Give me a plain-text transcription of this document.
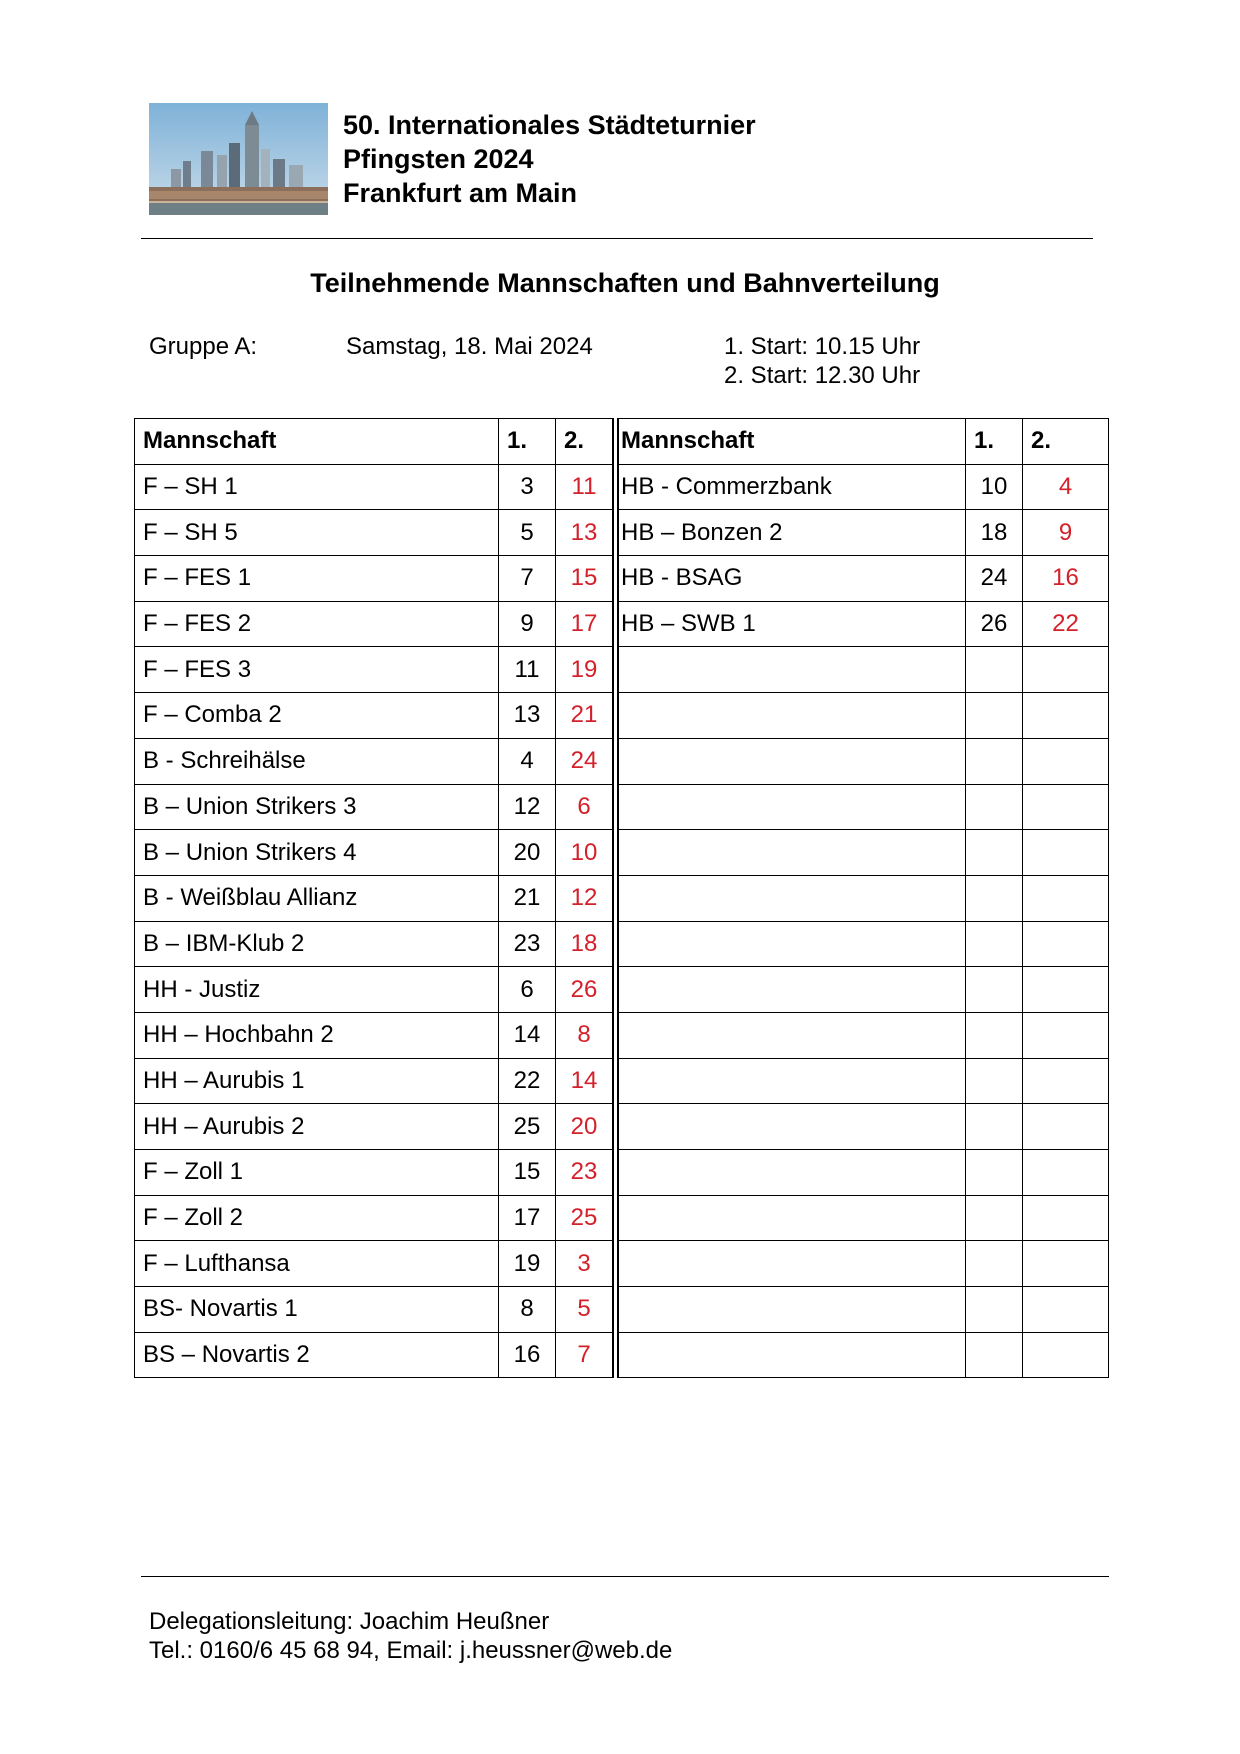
50. Internationales Städteturnier
Pfingsten 2024
Frankfurt am Main
Teilnehmende Mannschaften und Bahnverteilung
Gruppe A:	Samstag, 18. Mai 2024	1. Start: 10.15 Uhr
2. Start: 12.30 Uhr
Mannschaft	1.	2.	Mannschaft	1.	2.
F – SH 1	3	11	HB - Commerzbank	10	4
F – SH 5	5	13	HB – Bonzen 2	18	9
F – FES 1	7	15	HB - BSAG	24	16
F – FES 2	9	17	HB – SWB 1	26	22
F – FES 3	11	19			
F – Comba 2	13	21			
B - Schreihälse	4	24			
B – Union Strikers 3	12	6			
B – Union Strikers 4	20	10			
B - Weißblau Allianz	21	12			
B – IBM-Klub 2	23	18			
HH - Justiz	6	26			
HH – Hochbahn 2	14	8			
HH – Aurubis 1	22	14			
HH – Aurubis 2	25	20			
F – Zoll 1	15	23			
F – Zoll 2	17	25			
F – Lufthansa	19	3			
BS- Novartis 1	8	5			
BS – Novartis 2	16	7			
Delegationsleitung: Joachim Heußner
Tel.: 0160/6 45 68 94, Email: j.heussner@web.de
